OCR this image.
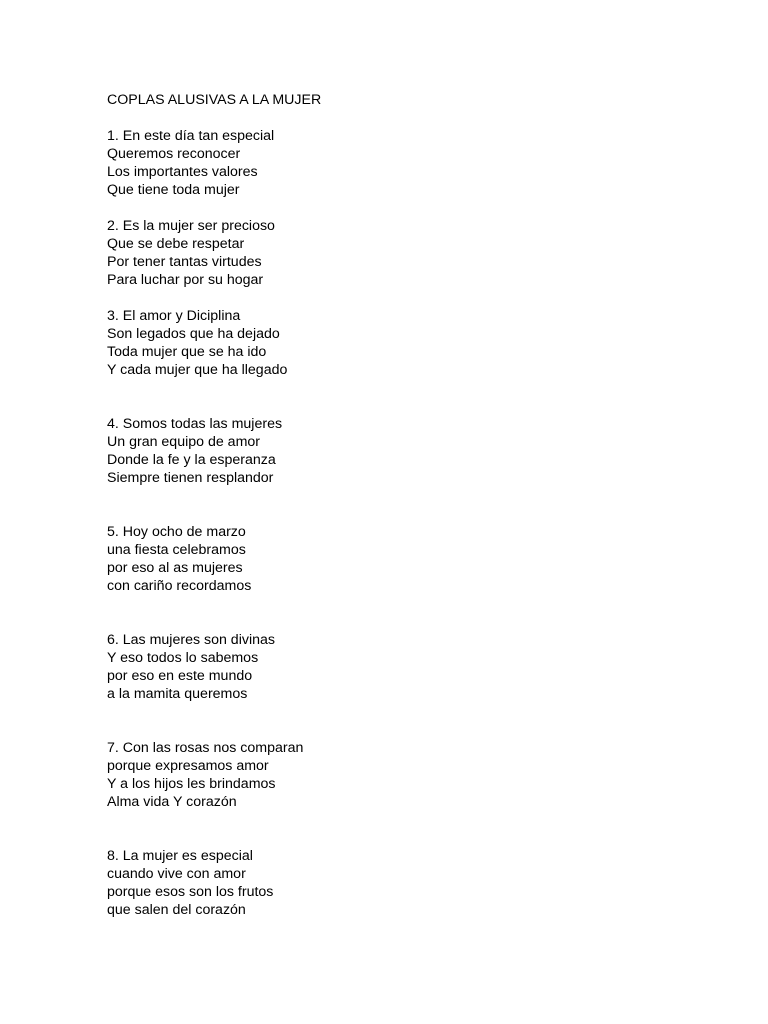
COPLAS ALUSIVAS A LA MUJER
1. En este día tan especial
Queremos reconocer
Los importantes valores
Que tiene toda mujer
2. Es la mujer ser precioso
Que se debe respetar
Por tener tantas virtudes
Para luchar por su hogar
3. El amor y Diciplina
Son legados que ha dejado
Toda mujer que se ha ido
Y cada mujer que ha llegado
4. Somos todas las mujeres
Un gran equipo de amor
Donde la fe y la esperanza
Siempre tienen resplandor
5. Hoy ocho de marzo
una fiesta celebramos
por eso al as mujeres
con cariño recordamos
6. Las mujeres son divinas
Y eso todos lo sabemos
por eso en este mundo
a la mamita queremos
7. Con las rosas nos comparan
porque expresamos amor
Y a los hijos les brindamos
Alma vida Y corazón
8. La mujer es especial
cuando vive con amor
porque esos son los frutos
que salen del corazón
